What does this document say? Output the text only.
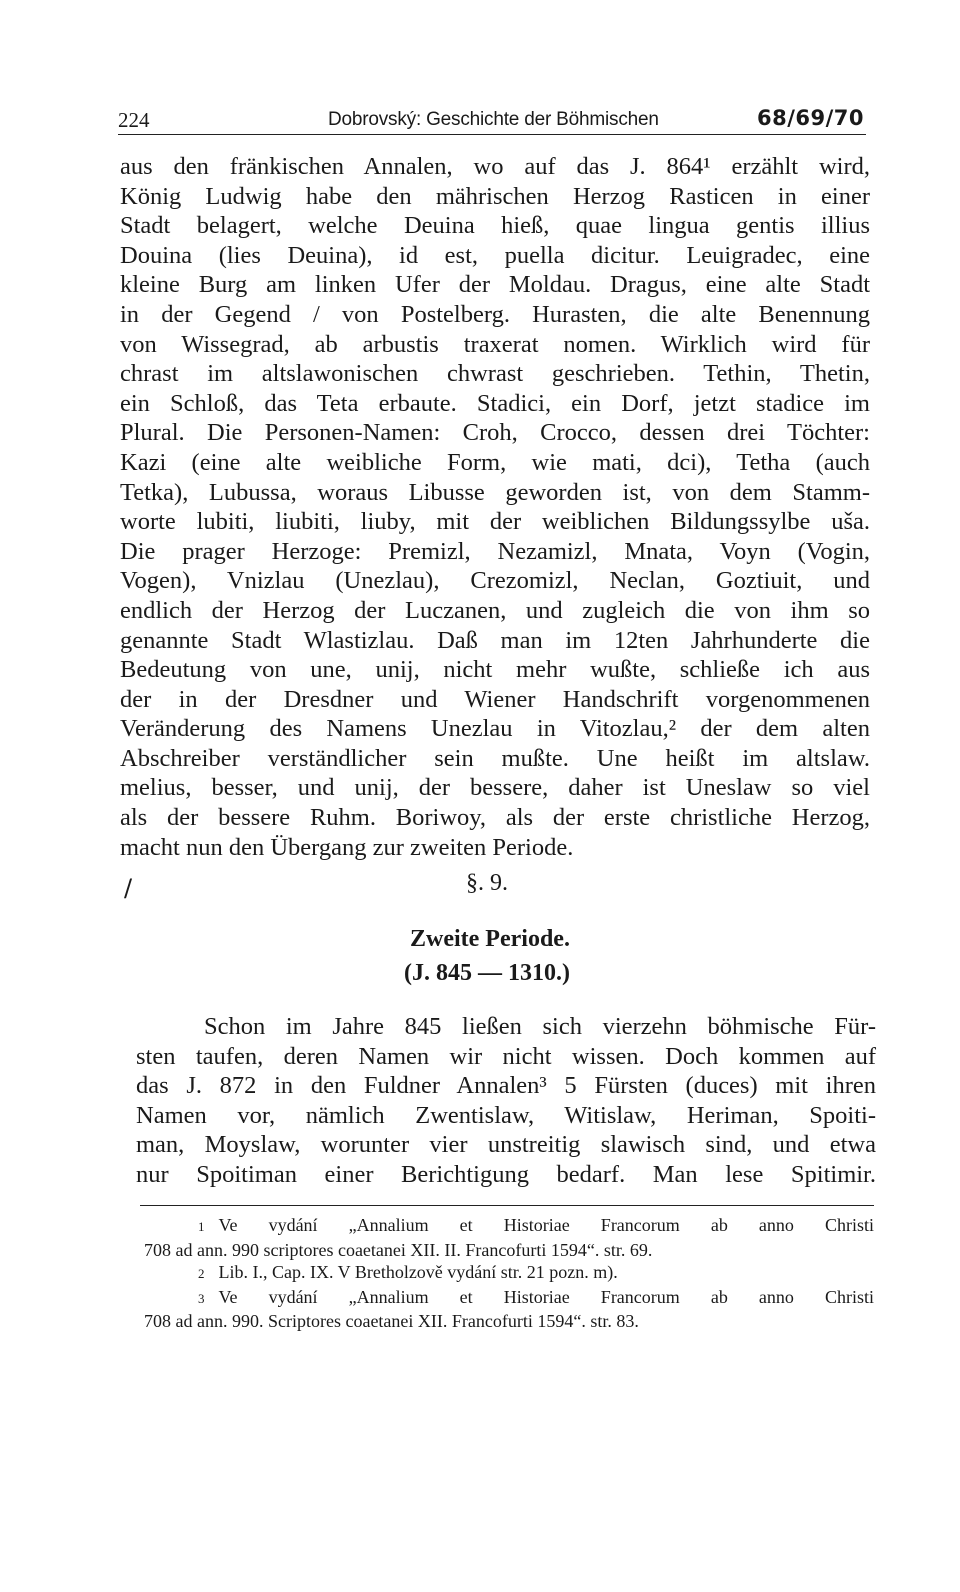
224	Dobrovský: Geschichte der Böhmischen	68/69/70
aus den fränkischen Annalen, wo auf das J. 864¹ erzählt wird,
König Ludwig habe den mährischen Herzog Rasticen in einer
Stadt belagert, welche Deuina hieß, quae lingua gentis illius
Douina (lies Deuina), id est, puella dicitur. Leuigradec, eine
kleine Burg am linken Ufer der Moldau. Dragus, eine alte Stadt
in der Gegend / von Postelberg. Hurasten, die alte Benennung
von Wissegrad, ab arbustis traxerat nomen. Wirklich wird für
chrast im altslawonischen chwrast geschrieben. Tethin, Thetin,
ein Schloß, das Teta erbaute. Stadici, ein Dorf, jetzt stadice im
Plural. Die Personen-Namen: Croh, Crocco, dessen drei Töchter:
Kazi (eine alte weibliche Form, wie mati, dci), Tetha (auch
Tetka), Lubussa, woraus Libusse geworden ist, von dem Stamm-
worte lubiti, liubiti, liuby, mit der weiblichen Bildungssylbe uša.
Die prager Herzoge: Premizl, Nezamizl, Mnata, Voyn (Vogin,
Vogen), Vnizlau (Unezlau), Crezomizl, Neclan, Goztiuit, und
endlich der Herzog der Luczanen, und zugleich die von ihm so
genannte Stadt Wlastizlau. Daß man im 12ten Jahrhunderte die
Bedeutung von une, unij, nicht mehr wußte, schließe ich aus
der in der Dresdner und Wiener Handschrift vorgenommenen
Veränderung des Namens Unezlau in Vitozlau,² der dem alten
Abschreiber verständlicher sein mußte. Une heißt im altslaw.
melius, besser, und unij, der bessere, daher ist Uneslaw so viel
als der bessere Ruhm. Boriwoy, als der erste christliche Herzog,
macht nun den Übergang zur zweiten Periode.
/	§. 9.
Zweite Periode.
(J. 845 — 1310.)
Schon im Jahre 845 ließen sich vierzehn böhmische Für-
sten taufen, deren Namen wir nicht wissen. Doch kommen auf
das J. 872 in den Fuldner Annalen³ 5 Fürsten (duces) mit ihren
Namen vor, nämlich Zwentislaw, Witislaw, Heriman, Spoiti-
man, Moyslaw, worunter vier unstreitig slawisch sind, und etwa
nur Spoitiman einer Berichtigung bedarf. Man lese Spitimir.
1 Ve vydání „Annalium et Historiae Francorum ab anno Christi
708 ad ann. 990 scriptores coaetanei XII. II. Francofurti 1594“. str. 69.
2 Lib. I., Cap. IX. V Bretholzově vydání str. 21 pozn. m).
3 Ve vydání „Annalium et Historiae Francorum ab anno Christi
708 ad ann. 990. Scriptores coaetanei XII. Francofurti 1594“. str. 83.
